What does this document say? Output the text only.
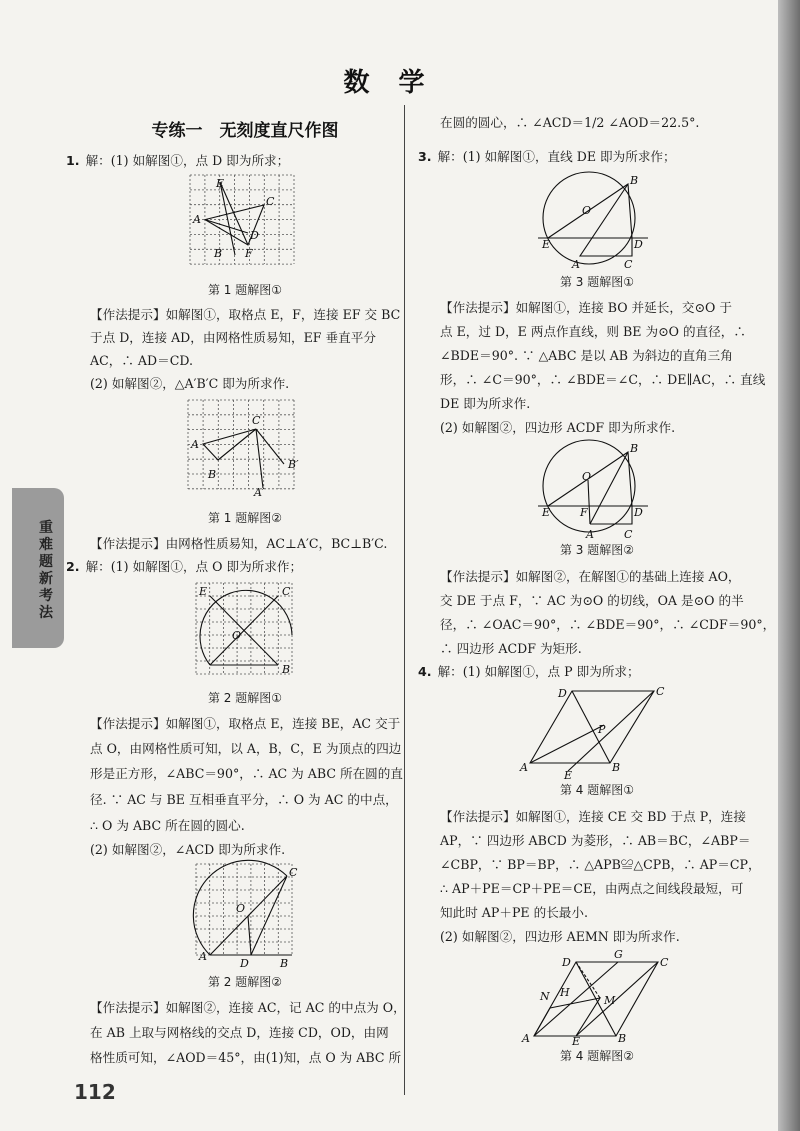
数 学
专练一　无刻度直尺作图
重难题新考法
1. 解：(1) 如解图①，点 D 即为所求；
A
B
C
D
E
F
第 1 题解图①
【作法提示】如解图①，取格点 E，F，连接 EF 交 BC
于点 D，连接 AD，由网格性质易知，EF 垂直平分
AC，∴ AD＝CD.
(2) 如解图②，△A′B′C 即为所求作.
A
B
C
B′
A′
第 1 题解图②
【作法提示】由网格性质易知，AC⊥A′C，BC⊥B′C.
2. 解：(1) 如解图①，点 O 即为所求作；
E
B
C
O
第 2 题解图①
【作法提示】如解图①，取格点 E，连接 BE，AC 交于
点 O，由网格性质可知，以 A，B，C，E 为顶点的四边
形是正方形，∠ABC＝90°，∴ AC 为 ABC 所在圆的直
径. ∵ AC 与 BE 互相垂直平分，∴ O 为 AC 的中点，
∴ O 为 ABC 所在圆的圆心.
(2) 如解图②，∠ACD 即为所求作.
A
B
C
D
O
第 2 题解图②
【作法提示】如解图②，连接 AC，记 AC 的中点为 O，
在 AB 上取与网格线的交点 D，连接 CD，OD，由网
格性质可知，∠AOD＝45°，由(1)知，点 O 为 ABC 所
112
在圆的圆心，∴ ∠ACD＝1/2 ∠AOD＝22.5°.
3. 解：(1) 如解图①，直线 DE 即为所求作；
B
O
E
A
D
C
第 3 题解图①
【作法提示】如解图①，连接 BO 并延长，交⊙O 于
点 E，过 D，E 两点作直线，则 BE 为⊙O 的直径，∴
∠BDE＝90°. ∵ △ABC 是以 AB 为斜边的直角三角
形，∴ ∠C＝90°，∴ ∠BDE＝∠C，∴ DE∥AC，∴ 直线
DE 即为所求作.
(2) 如解图②，四边形 ACDF 即为所求作.
B
O
E	F
A
D
C
第 3 题解图②
【作法提示】如解图②，在解图①的基础上连接 AO，
交 DE 于点 F，∵ AC 为⊙O 的切线，OA 是⊙O 的半
径，∴ ∠OAC＝90°，∴ ∠BDE＝90°，∴ ∠CDF＝90°，
∴ 四边形 ACDF 为矩形.
4. 解：(1) 如解图①，点 P 即为所求；
D	C
A	B
P
E
第 4 题解图①
【作法提示】如解图①，连接 CE 交 BD 于点 P，连接
AP，∵ 四边形 ABCD 为菱形，∴ AB＝BC，∠ABP＝
∠CBP，∵ BP＝BP，∴ △APB≌△CPB，∴ AP＝CP，
∴ AP＋PE＝CP＋PE＝CE，由两点之间线段最短，可
知此时 AP＋PE 的长最小.
(2) 如解图②，四边形 AEMN 即为所求作.
D
G
C
N H
M
A	E	B
第 4 题解图②
